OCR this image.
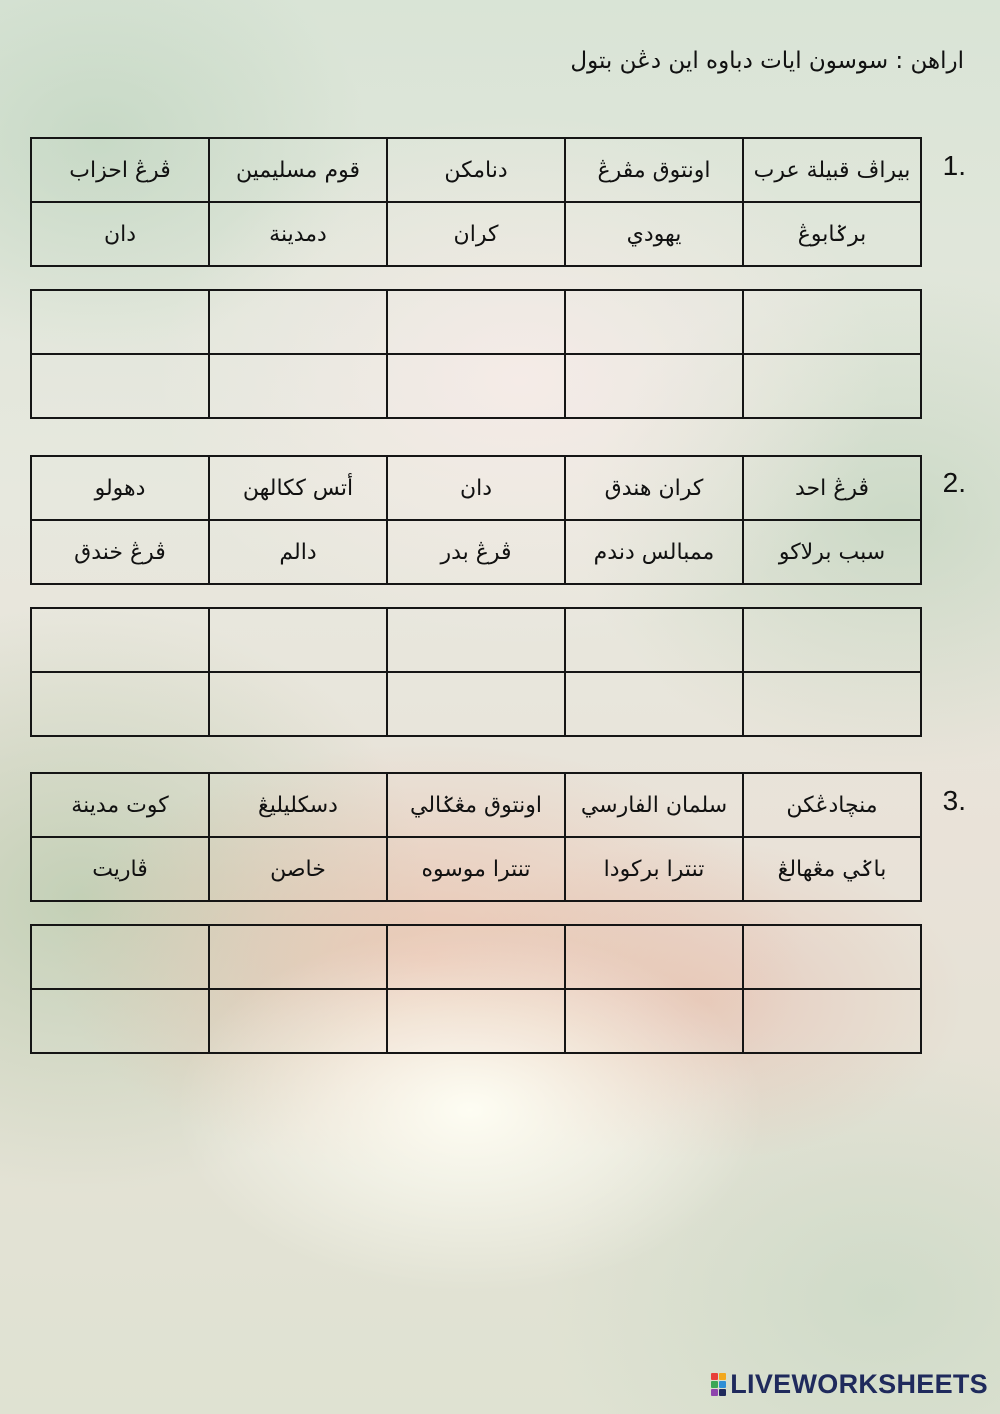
اراهن : سوسون ايات دباوه اين دڠن بتول
1.
بيراڤ قبيلة عرب	اونتوق مڤرڠ	دنامکن	قوم مسليمين	ڤرڠ احزاب
برݢابوڠ	يهودي	كران	دمدينة	دان

2.
ڤرڠ احد	كران هندق	دان	أتس ككالهن	دهولو
سبب برلاكو	ممبالس دندم	ڤرڠ بدر	دالم	ڤرڠ خندق

3.
منچادڠکن	سلمان الفارسي	اونتوق مڠݢالي	دسكليليڠ	كوت مدينة
باݢي مڠهالڠ	تنترا بركودا	تنترا موسوه	خاصن	ڤاريت

LIVEWORKSHEETS
